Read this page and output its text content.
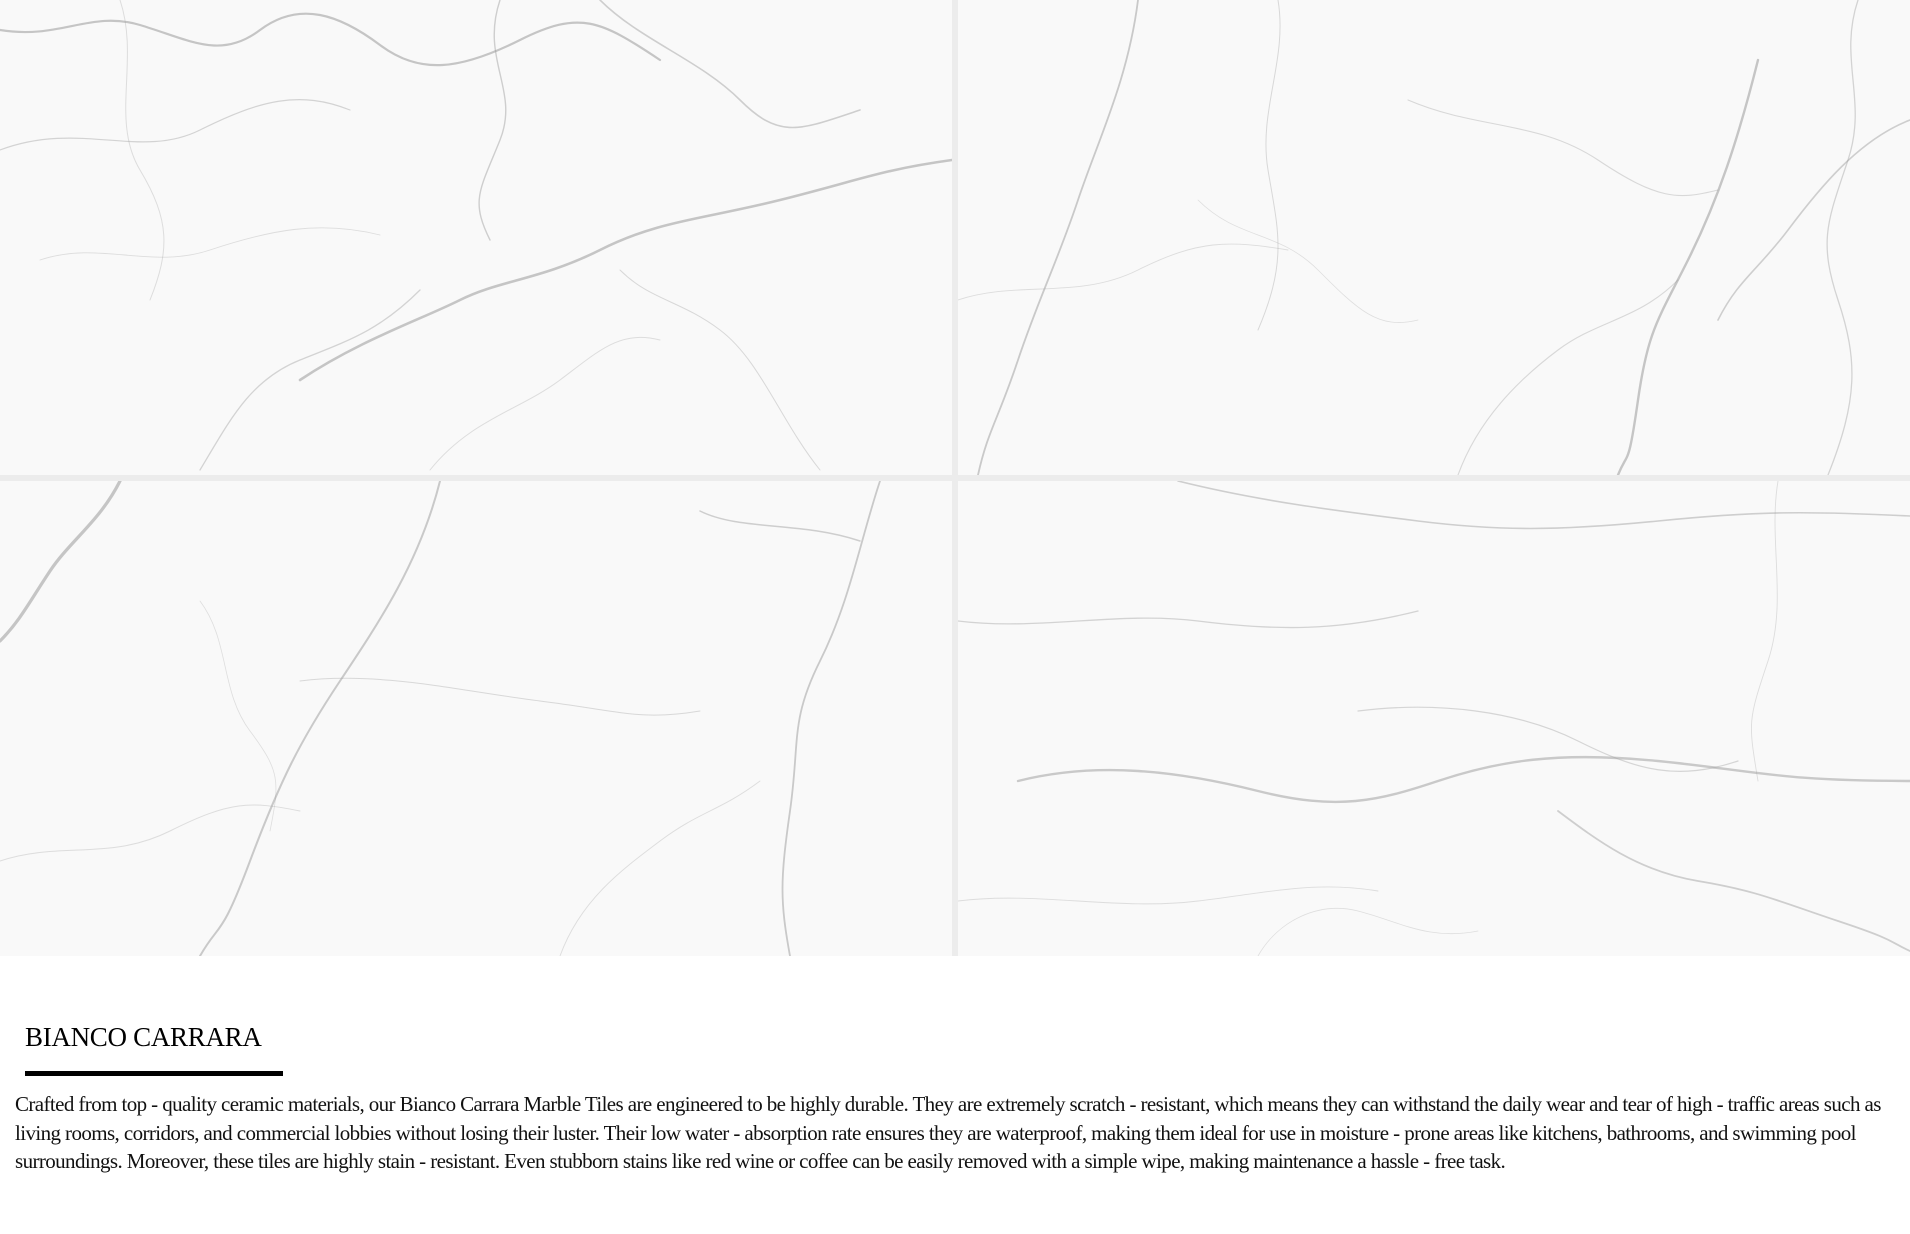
BIANCO CARRARA

Crafted from top - quality ceramic materials, our Bianco Carrara Marble Tiles are engineered to be highly durable. They are extremely scratch - resistant, which means they can withstand the daily wear and tear of high - traffic areas such as living rooms, corridors, and commercial lobbies without losing their luster. Their low water - absorption rate ensures they are waterproof, making them ideal for use in moisture - prone areas like kitchens, bathrooms, and swimming pool surroundings. Moreover, these tiles are highly stain - resistant. Even stubborn stains like red wine or coffee can be easily removed with a simple wipe, making maintenance a hassle - free task.
